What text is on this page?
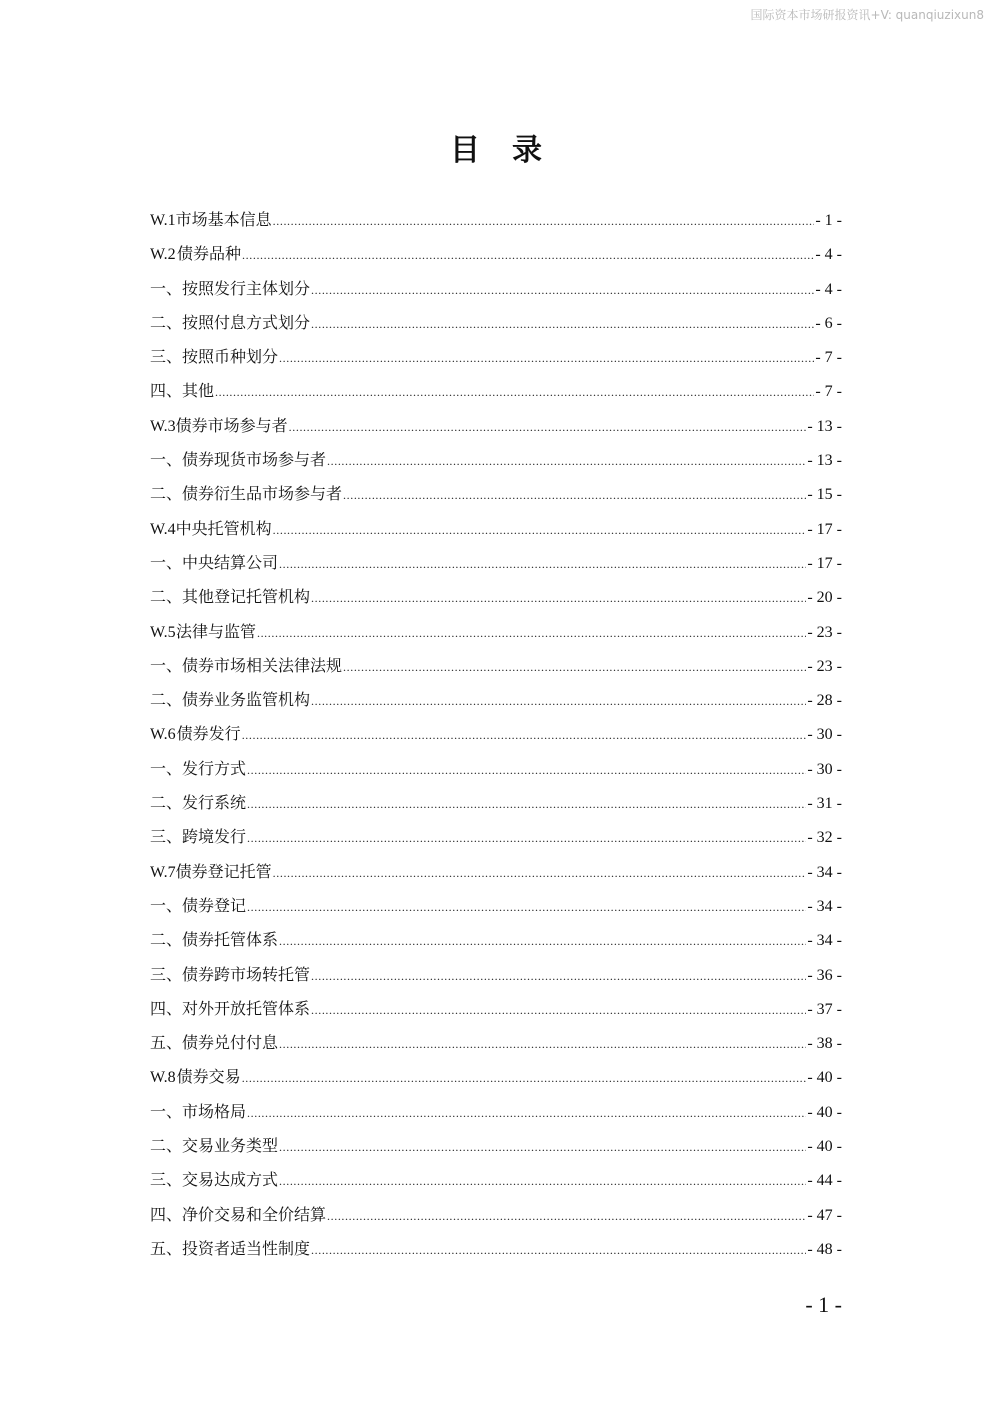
国际资本市场研报资讯+V: quanqiuzixun8
目 录
W.1 市场基本信息 .....	- 1 -
W.2 债券品种 .....	- 4 -
一、按照发行主体划分 .....	- 4 -
二、按照付息方式划分 .....	- 6 -
三、按照币种划分 .....	- 7 -
四、其他 .....	- 7 -
W.3 债券市场参与者 .....	- 13 -
一、债券现货市场参与者 .....	- 13 -
二、债券衍生品市场参与者 .....	- 15 -
W.4 中央托管机构 .....	- 17 -
一、中央结算公司 .....	- 17 -
二、其他登记托管机构 .....	- 20 -
W.5 法律与监管 .....	- 23 -
一、债券市场相关法律法规 .....	- 23 -
二、债券业务监管机构 .....	- 28 -
W.6 债券发行 .....	- 30 -
一、发行方式 .....	- 30 -
二、发行系统 .....	- 31 -
三、跨境发行 .....	- 32 -
W.7 债券登记托管 .....	- 34 -
一、债券登记 .....	- 34 -
二、债券托管体系 .....	- 34 -
三、债券跨市场转托管 .....	- 36 -
四、对外开放托管体系 .....	- 37 -
五、债券兑付付息 .....	- 38 -
W.8 债券交易 .....	- 40 -
一、市场格局 .....	- 40 -
二、交易业务类型 .....	- 40 -
三、交易达成方式 .....	- 44 -
四、净价交易和全价结算 .....	- 47 -
五、投资者适当性制度 .....	- 48 -
- 1 -
